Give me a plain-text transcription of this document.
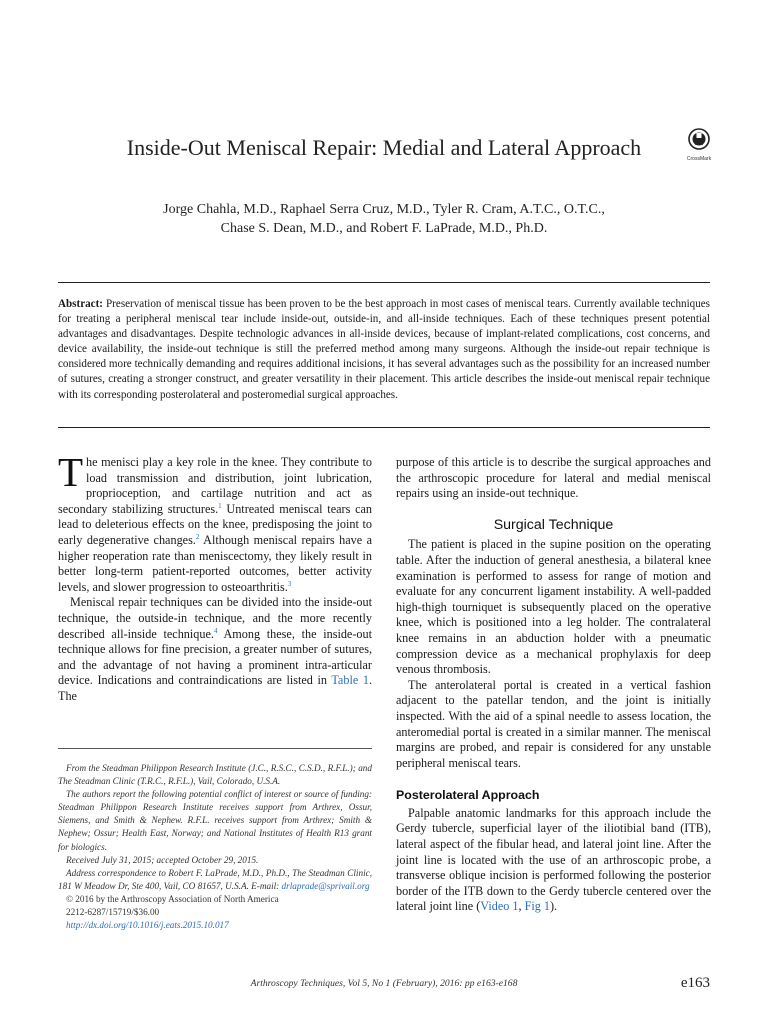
Inside-Out Meniscal Repair: Medial and Lateral Approach	CrossMark
Jorge Chahla, M.D., Raphael Serra Cruz, M.D., Tyler R. Cram, A.T.C., O.T.C.,
Chase S. Dean, M.D., and Robert F. LaPrade, M.D., Ph.D.
Abstract: Preservation of meniscal tissue has been proven to be the best approach in most cases of meniscal tears. Currently available techniques for treating a peripheral meniscal tear include inside-out, outside-in, and all-inside techniques. Each of these techniques present potential advantages and disadvantages. Despite technologic advances in all-inside devices, because of implant-related complications, cost concerns, and device availability, the inside-out technique is still the preferred method among many surgeons. Although the inside-out repair technique is considered more technically demanding and requires additional incisions, it has several advantages such as the possibility for an increased number of sutures, creating a stronger construct, and greater versatility in their placement. This article describes the inside-out meniscal repair technique with its corresponding posterolateral and posteromedial surgical approaches.

The menisci play a key role in the knee. They contribute to load transmission and distribution, joint lubrication, proprioception, and cartilage nutrition and act as secondary stabilizing structures.$^1$ Untreated meniscal tears can lead to deleterious effects on the knee, predisposing the joint to early degenerative changes.$^2$ Although meniscal repairs have a higher reoperation rate than meniscectomy, they likely result in better long-term patient-reported outcomes, better activity levels, and slower progression to osteoarthritis.$^3$

Meniscal repair techniques can be divided into the inside-out technique, the outside-in technique, and the more recently described all-inside technique.$^4$ Among these, the inside-out technique allows for fine precision, a greater number of sutures, and the advantage of not having a prominent intra-articular device. Indications and contraindications are listed in Table 1. The

purpose of this article is to describe the surgical approaches and the arthroscopic procedure for lateral and medial meniscal repairs using an inside-out technique.

Surgical Technique

The patient is placed in the supine position on the operating table. After the induction of general anesthesia, a bilateral knee examination is performed to assess for range of motion and evaluate for any concurrent ligament instability. A well-padded high-thigh tourniquet is subsequently placed on the operative knee, which is positioned into a leg holder. The contralateral knee remains in an abduction holder with a pneumatic compression device as a mechanical prophylaxis for deep venous thrombosis.

The anterolateral portal is created in a vertical fashion adjacent to the patellar tendon, and the joint is initially inspected. With the aid of a spinal needle to assess location, the anteromedial portal is created in a similar manner. The meniscal margins are probed, and repair is considered for any unstable peripheral meniscal tears.

Posterolateral Approach

Palpable anatomic landmarks for this approach include the Gerdy tubercle, superficial layer of the iliotibial band (ITB), lateral aspect of the fibular head, and lateral joint line. After the joint line is located with the use of an arthroscopic probe, a transverse oblique incision is performed following the posterior border of the ITB down to the Gerdy tubercle centered over the lateral joint line (Video 1, Fig 1).

From the Steadman Philippon Research Institute (J.C., R.S.C., C.S.D., R.F.L.); and The Steadman Clinic (T.R.C., R.F.L.), Vail, Colorado, U.S.A.

The authors report the following potential conflict of interest or source of funding: Steadman Philippon Research Institute receives support from Arthrex, Ossur, Siemens, and Smith & Nephew. R.F.L. receives support from Arthrex; Smith & Nephew; Ossur; Health East, Norway; and National Institutes of Health R13 grant for biologics.

Received July 31, 2015; accepted October 29, 2015.

Address correspondence to Robert F. LaPrade, M.D., Ph.D., The Steadman Clinic, 181 W Meadow Dr, Ste 400, Vail, CO 81657, U.S.A. E-mail: drlaprade@sprivail.org

© 2016 by the Arthroscopy Association of North America

2212-6287/15719/$36.00

http://dx.doi.org/10.1016/j.eats.2015.10.017

Arthroscopy Techniques, Vol 5, No 1 (February), 2016: pp e163-e168	e163
